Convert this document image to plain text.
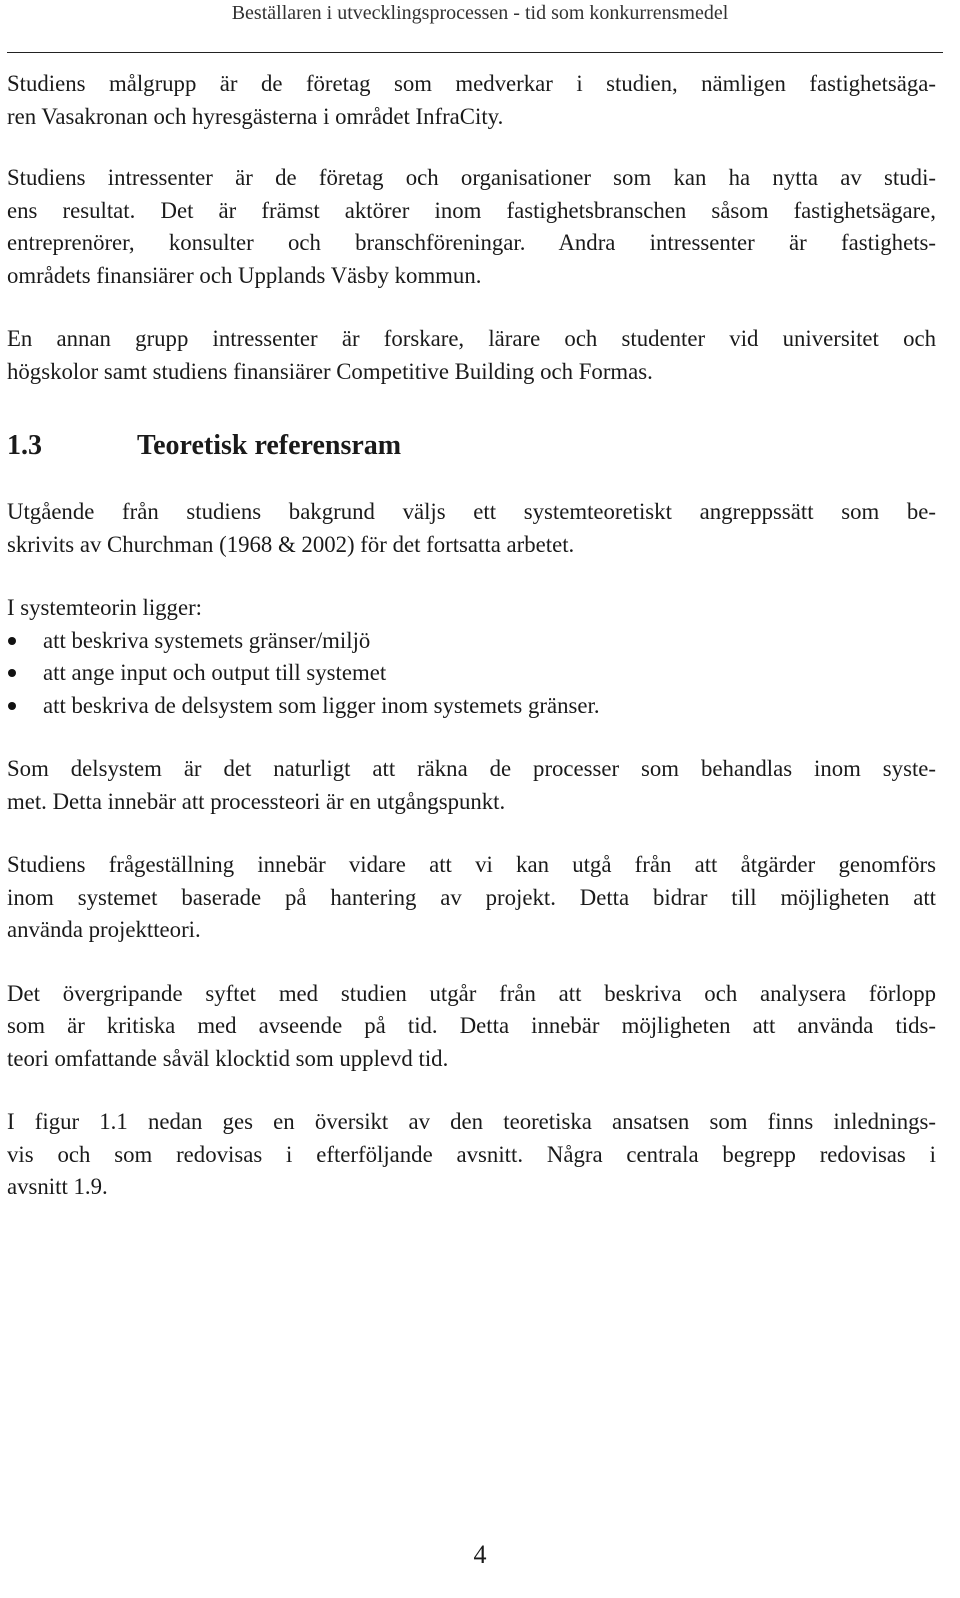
Beställaren i utvecklingsprocessen - tid som konkurrensmedel

Studiens målgrupp är de företag som medverkar i studien, nämligen fastighetsäga-
ren Vasakronan och hyresgästerna i området InfraCity.

Studiens intressenter är de företag och organisationer som kan ha nytta av studi-
ens resultat. Det är främst aktörer inom fastighetsbranschen såsom fastighetsägare,
entreprenörer, konsulter och branschföreningar. Andra intressenter är fastighets-
områdets finansiärer och Upplands Väsby kommun.

En annan grupp intressenter är forskare, lärare och studenter vid universitet och
högskolor samt studiens finansiärer Competitive Building och Formas.

1.3	Teoretisk referensram

Utgående från studiens bakgrund väljs ett systemteoretiskt angreppssätt som be-
skrivits av Churchman (1968 & 2002) för det fortsatta arbetet.

I systemteorin ligger:

att beskriva systemets gränser/miljö
att ange input och output till systemet
att beskriva de delsystem som ligger inom systemets gränser.

Som delsystem är det naturligt att räkna de processer som behandlas inom syste-
met. Detta innebär att processteori är en utgångspunkt.

Studiens frågeställning innebär vidare att vi kan utgå från att åtgärder genomförs
inom systemet baserade på hantering av projekt. Detta bidrar till möjligheten att
använda projektteori.

Det övergripande syftet med studien utgår från att beskriva och analysera förlopp
som är kritiska med avseende på tid. Detta innebär möjligheten att använda tids-
teori omfattande såväl klocktid som upplevd tid.

I figur 1.1 nedan ges en översikt av den teoretiska ansatsen som finns inlednings-
vis och som redovisas i efterföljande avsnitt. Några centrala begrepp redovisas i
avsnitt 1.9.

4
